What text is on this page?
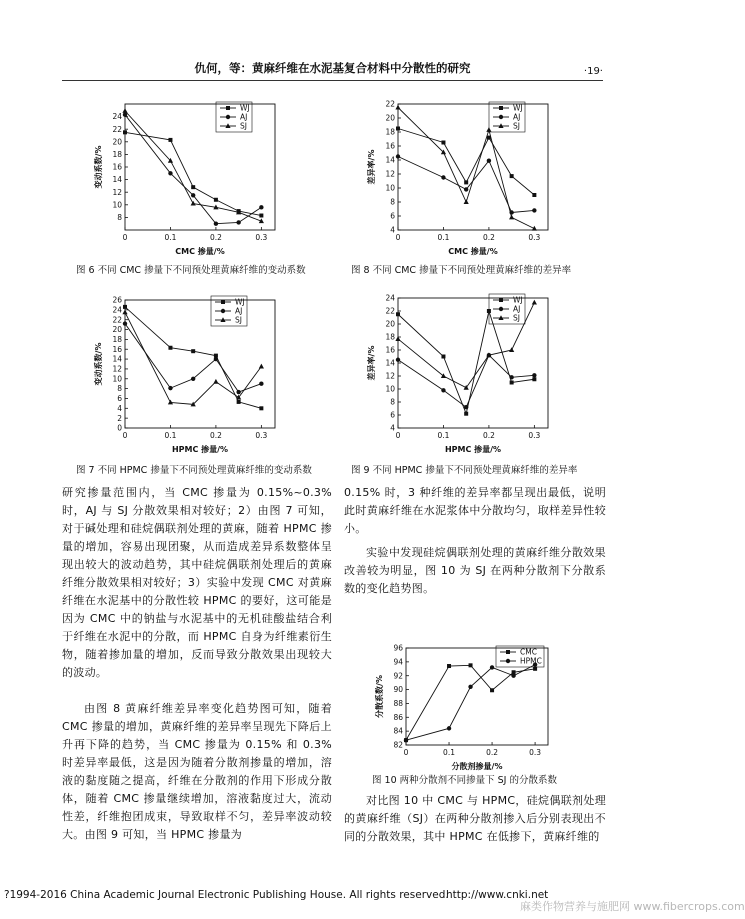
仇何，等：黄麻纤维在水泥基复合材料中分散性的研究	·19·
0	0.1	0.2	0.3
8
10
12
14
16
18
20
22
24
CMC 掺量/%
变动系数/%
WJ
AJ
SJ
图 6 不同 CMC 掺量下不同预处理黄麻纤维的变动系数
0	0.1	0.2	0.3
4
6
8
10
12
14
16
18
20
22
CMC 掺量/%
差异率/%
WJ
AJ
SJ
图 8 不同 CMC 掺量下不同预处理黄麻纤维的差异率
0	0.1	0.2	0.3
0
2
4
6
8
10
12
14
16
18
20
22
24
26
HPMC 掺量/%
变动系数/%
WJ
AJ
SJ
图 7 不同 HPMC 掺量下不同预处理黄麻纤维的变动系数
0	0.1	0.2	0.3
4
6
8
10
12
14
16
18
20
22
24
HPMC 掺量/%
差异率/%
WJ
AJ
SJ
图 9 不同 HPMC 掺量下不同预处理黄麻纤维的差异率
0	0.1	0.2	0.3
82
84
86
88
90
92
94
96
分散剂掺量/%
分散系数/%
CMC
HPMC
图 10 两种分散剂不同掺量下 SJ 的分散系数
研究掺量范围内，当 CMC 掺量为 0.15%~0.3% 时，AJ 与 SJ 分散效果相对较好；2）由图 7 可知，对于碱处理和硅烷偶联剂处理的黄麻，随着 HPMC 掺量的增加，容易出现团聚，从而造成差异系数整体呈现出较大的波动趋势，其中硅烷偶联剂处理后的黄麻纤维分散效果相对较好；3）实验中发现 CMC 对黄麻纤维在水泥基中的分散性较 HPMC 的要好，这可能是因为 CMC 中的钠盐与水泥基中的无机硅酸盐结合利于纤维在水泥中的分散，而 HPMC 自身为纤维素衍生物，随着掺加量的增加，反而导致分散效果出现较大的波动。
由图 8 黄麻纤维差异率变化趋势图可知，随着 CMC 掺量的增加，黄麻纤维的差异率呈现先下降后上升再下降的趋势，当 CMC 掺量为 0.15% 和 0.3% 时差异率最低，这是因为随着分散剂掺量的增加，溶液的黏度随之提高，纤维在分散剂的作用下形成分散体，随着 CMC 掺量继续增加，溶液黏度过大，流动性差，纤维抱团成束，导致取样不匀，差异率波动较大。由图 9 可知，当 HPMC 掺量为
0.15% 时，3 种纤维的差异率都呈现出最低，说明此时黄麻纤维在水泥浆体中分散均匀，取样差异性较小。
实验中发现硅烷偶联剂处理的黄麻纤维分散效果改善较为明显，图 10 为 SJ 在两种分散剂下分散系数的变化趋势图。
对比图 10 中 CMC 与 HPMC，硅烷偶联剂处理的黄麻纤维（SJ）在两种分散剂掺入后分别表现出不同的分散效果，其中 HPMC 在低掺下，黄麻纤维的
?1994-2016 China Academic Journal Electronic Publishing House. All rights reserved.
http://www.cnki.net
麻类作物营养与施肥网 www.fibercrops.com
